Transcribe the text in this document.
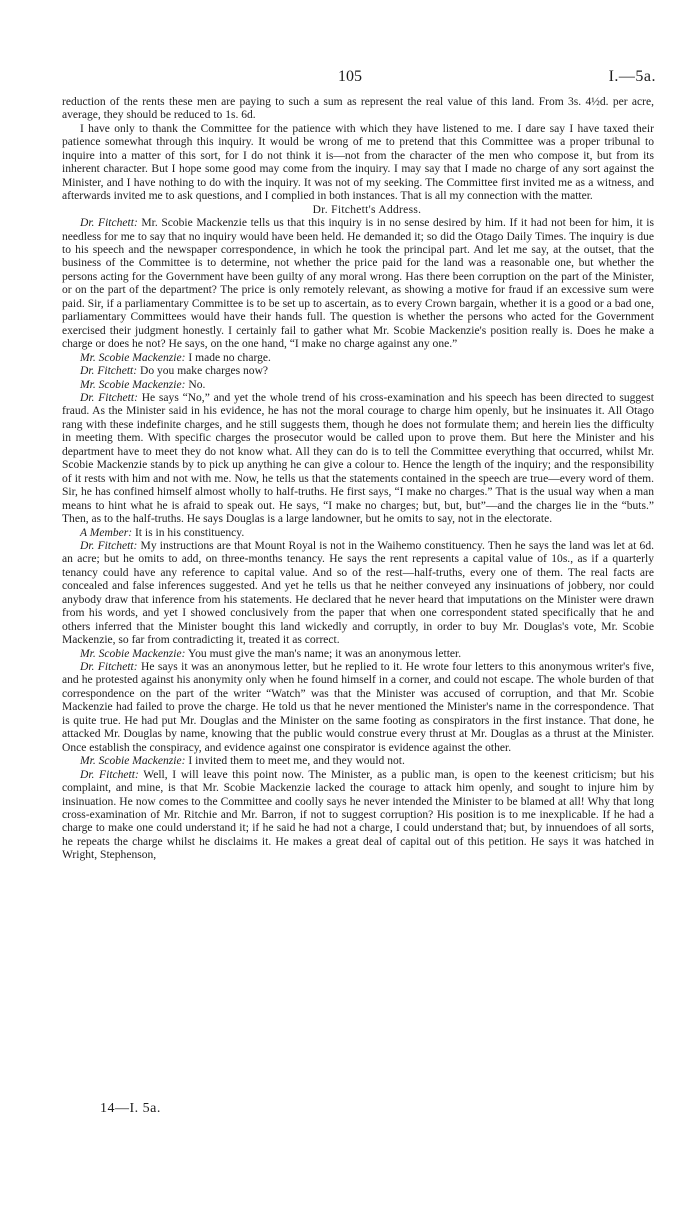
105	I.—5a.

reduction of the rents these men are paying to such a sum as represent the real value of this land. From 3s. 4½d. per acre, average, they should be reduced to 1s. 6d.

I have only to thank the Committee for the patience with which they have listened to me. I dare say I have taxed their patience somewhat through this inquiry. It would be wrong of me to pretend that this Committee was a proper tribunal to inquire into a matter of this sort, for I do not think it is—not from the character of the men who compose it, but from its inherent character. But I hope some good may come from the inquiry. I may say that I made no charge of any sort against the Minister, and I have nothing to do with the inquiry. It was not of my seeking. The Committee first invited me as a witness, and afterwards invited me to ask questions, and I complied in both instances. That is all my connection with the matter.

Dr. Fitchett's Address.

Dr. Fitchett: Mr. Scobie Mackenzie tells us that this inquiry is in no sense desired by him. If it had not been for him, it is needless for me to say that no inquiry would have been held. He demanded it; so did the Otago Daily Times. The inquiry is due to his speech and the newspaper correspondence, in which he took the principal part. And let me say, at the outset, that the business of the Committee is to determine, not whether the price paid for the land was a reasonable one, but whether the persons acting for the Government have been guilty of any moral wrong. Has there been corruption on the part of the Minister, or on the part of the department? The price is only remotely relevant, as showing a motive for fraud if an excessive sum were paid. Sir, if a parliamentary Committee is to be set up to ascertain, as to every Crown bargain, whether it is a good or a bad one, parliamentary Committees would have their hands full. The question is whether the persons who acted for the Government exercised their judgment honestly. I certainly fail to gather what Mr. Scobie Mackenzie's position really is. Does he make a charge or does he not? He says, on the one hand, “I make no charge against any one.”

Mr. Scobie Mackenzie: I made no charge.

Dr. Fitchett: Do you make charges now?

Mr. Scobie Mackenzie: No.

Dr. Fitchett: He says “No,” and yet the whole trend of his cross-examination and his speech has been directed to suggest fraud. As the Minister said in his evidence, he has not the moral courage to charge him openly, but he insinuates it. All Otago rang with these indefinite charges, and he still suggests them, though he does not formulate them; and herein lies the difficulty in meeting them. With specific charges the prosecutor would be called upon to prove them. But here the Minister and his department have to meet they do not know what. All they can do is to tell the Committee everything that occurred, whilst Mr. Scobie Mackenzie stands by to pick up anything he can give a colour to. Hence the length of the inquiry; and the responsibility of it rests with him and not with me. Now, he tells us that the statements contained in the speech are true—every word of them. Sir, he has confined himself almost wholly to half-truths. He first says, “I make no charges.” That is the usual way when a man means to hint what he is afraid to speak out. He says, “I make no charges; but, but, but”—and the charges lie in the “buts.” Then, as to the half-truths. He says Douglas is a large landowner, but he omits to say, not in the electorate.

A Member: It is in his constituency.

Dr. Fitchett: My instructions are that Mount Royal is not in the Waihemo constituency. Then he says the land was let at 6d. an acre; but he omits to add, on three-months tenancy. He says the rent represents a capital value of 10s., as if a quarterly tenancy could have any reference to capital value. And so of the rest—half-truths, every one of them. The real facts are concealed and false inferences suggested. And yet he tells us that he neither conveyed any insinuations of jobbery, nor could anybody draw that inference from his statements. He declared that he never heard that imputations on the Minister were drawn from his words, and yet I showed conclusively from the paper that when one correspondent stated specifically that he and others inferred that the Minister bought this land wickedly and corruptly, in order to buy Mr. Douglas's vote, Mr. Scobie Mackenzie, so far from contradicting it, treated it as correct.

Mr. Scobie Mackenzie: You must give the man's name; it was an anonymous letter.

Dr. Fitchett: He says it was an anonymous letter, but he replied to it. He wrote four letters to this anonymous writer's five, and he protested against his anonymity only when he found himself in a corner, and could not escape. The whole burden of that correspondence on the part of the writer “Watch” was that the Minister was accused of corruption, and that Mr. Scobie Mackenzie had failed to prove the charge. He told us that he never mentioned the Minister's name in the correspondence. That is quite true. He had put Mr. Douglas and the Minister on the same footing as conspirators in the first instance. That done, he attacked Mr. Douglas by name, knowing that the public would construe every thrust at Mr. Douglas as a thrust at the Minister. Once establish the conspiracy, and evidence against one conspirator is evidence against the other.

Mr. Scobie Mackenzie: I invited them to meet me, and they would not.

Dr. Fitchett: Well, I will leave this point now. The Minister, as a public man, is open to the keenest criticism; but his complaint, and mine, is that Mr. Scobie Mackenzie lacked the courage to attack him openly, and sought to injure him by insinuation. He now comes to the Committee and coolly says he never intended the Minister to be blamed at all! Why that long cross-examination of Mr. Ritchie and Mr. Barron, if not to suggest corruption? His position is to me inexplicable. If he had a charge to make one could understand it; if he said he had not a charge, I could understand that; but, by innuendoes of all sorts, he repeats the charge whilst he disclaims it. He makes a great deal of capital out of this petition. He says it was hatched in Wright, Stephenson,

14—I. 5a.
